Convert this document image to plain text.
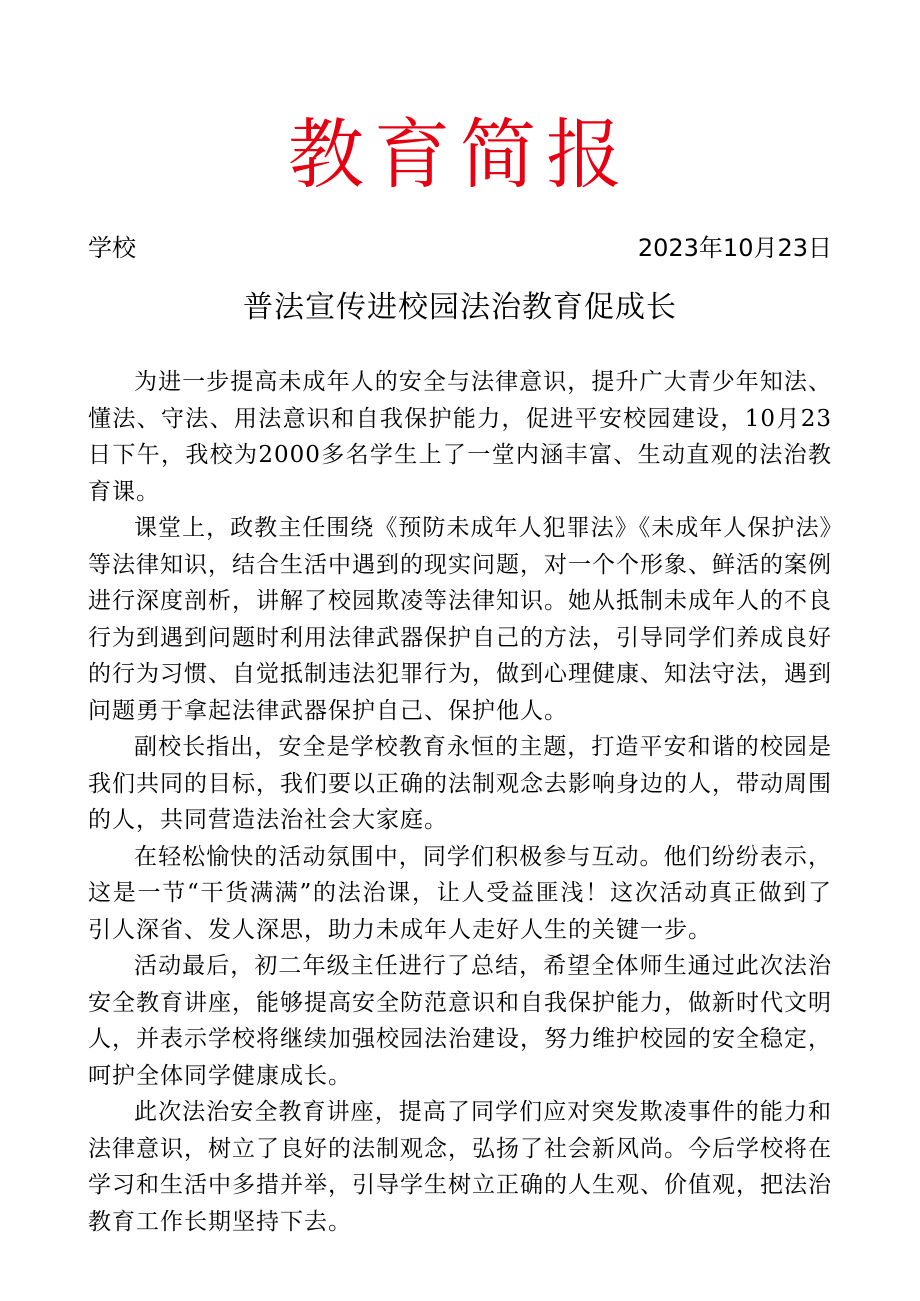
教育简报
学校	2023年10月23日
普法宣传进校园法治教育促成长

为进一步提高未成年人的安全与法律意识，提升广大青少年知法、懂法、守法、用法意识和自我保护能力，促进平安校园建设，10月23日下午，我校为2000多名学生上了一堂内涵丰富、生动直观的法治教育课。

课堂上，政教主任围绕《预防未成年人犯罪法》《未成年人保护法》等法律知识，结合生活中遇到的现实问题，对一个个形象、鲜活的案例进行深度剖析，讲解了校园欺凌等法律知识。她从抵制未成年人的不良行为到遇到问题时利用法律武器保护自己的方法，引导同学们养成良好的行为习惯、自觉抵制违法犯罪行为，做到心理健康、知法守法，遇到问题勇于拿起法律武器保护自己、保护他人。

副校长指出，安全是学校教育永恒的主题，打造平安和谐的校园是我们共同的目标，我们要以正确的法制观念去影响身边的人，带动周围的人，共同营造法治社会大家庭。

在轻松愉快的活动氛围中，同学们积极参与互动。他们纷纷表示，这是一节“干货满满”的法治课，让人受益匪浅！这次活动真正做到了引人深省、发人深思，助力未成年人走好人生的关键一步。

活动最后，初二年级主任进行了总结，希望全体师生通过此次法治安全教育讲座，能够提高安全防范意识和自我保护能力，做新时代文明人，并表示学校将继续加强校园法治建设，努力维护校园的安全稳定，呵护全体同学健康成长。

此次法治安全教育讲座，提高了同学们应对突发欺凌事件的能力和法律意识，树立了良好的法制观念，弘扬了社会新风尚。今后学校将在学习和生活中多措并举，引导学生树立正确的人生观、价值观，把法治教育工作长期坚持下去。
